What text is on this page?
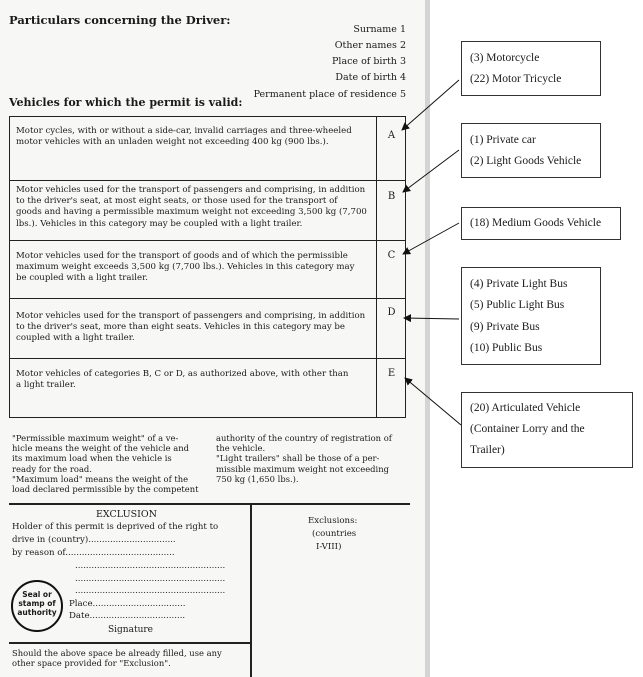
Particulars concerning the Driver:
Surname 1
Other names 2
Place of birth 3
Date of birth 4
Permanent place of residence 5
Vehicles for which the permit is valid:
Motor cycles, with or without a side-car, invalid carriages and three-wheeled
motor vehicles with an unladen weight not exceeding 400 kg (900 lbs.).
A
Motor vehicles used for the transport of passengers and comprising, in addition
to the driver's seat, at most eight seats, or those used for the transport of
goods and having a permissible maximum weight not exceeding 3,500 kg (7,700
lbs.). Vehicles in this category may be coupled with a light trailer.
B
Motor vehicles used for the transport of goods and of which the permissible
maximum weight exceeds 3,500 kg (7,700 lbs.). Vehicles in this category may
be coupled with a light trailer.
C
Motor vehicles used for the transport of passengers and comprising, in addition
to the driver's seat, more than eight seats. Vehicles in this category may be
coupled with a light trailer.
D
Motor vehicles of categories B, C or D, as authorized above, with other than
a light trailer.
E
"Permissible maximum weight" of a ve-
hicle means the weight of the vehicle and
its maximum load when the vehicle is
ready for the road.
"Maximum load" means the weight of the
load declared permissible by the competent
authority of the country of registration of
the vehicle.
"Light trailers" shall be those of a per-
missible maximum weight not exceeding
750 kg (1,650 lbs.).
EXCLUSION
Holder of this permit is deprived of the right to
drive in (country)................................
by reason of........................................
.......................................................
.......................................................
.......................................................
Place..................................
Date...................................
Signature
Seal or
stamp of
authority
Should the above space be already filled, use any
other space provided for "Exclusion".
Exclusions:
(countries
I-VIII)
(3) Motorcycle
(22) Motor Tricycle
(1) Private car
(2) Light Goods Vehicle
(18) Medium Goods Vehicle
(4) Private Light Bus
(5) Public Light Bus
(9) Private Bus
(10) Public Bus
(20) Articulated Vehicle
(Container Lorry and the
Trailer)
